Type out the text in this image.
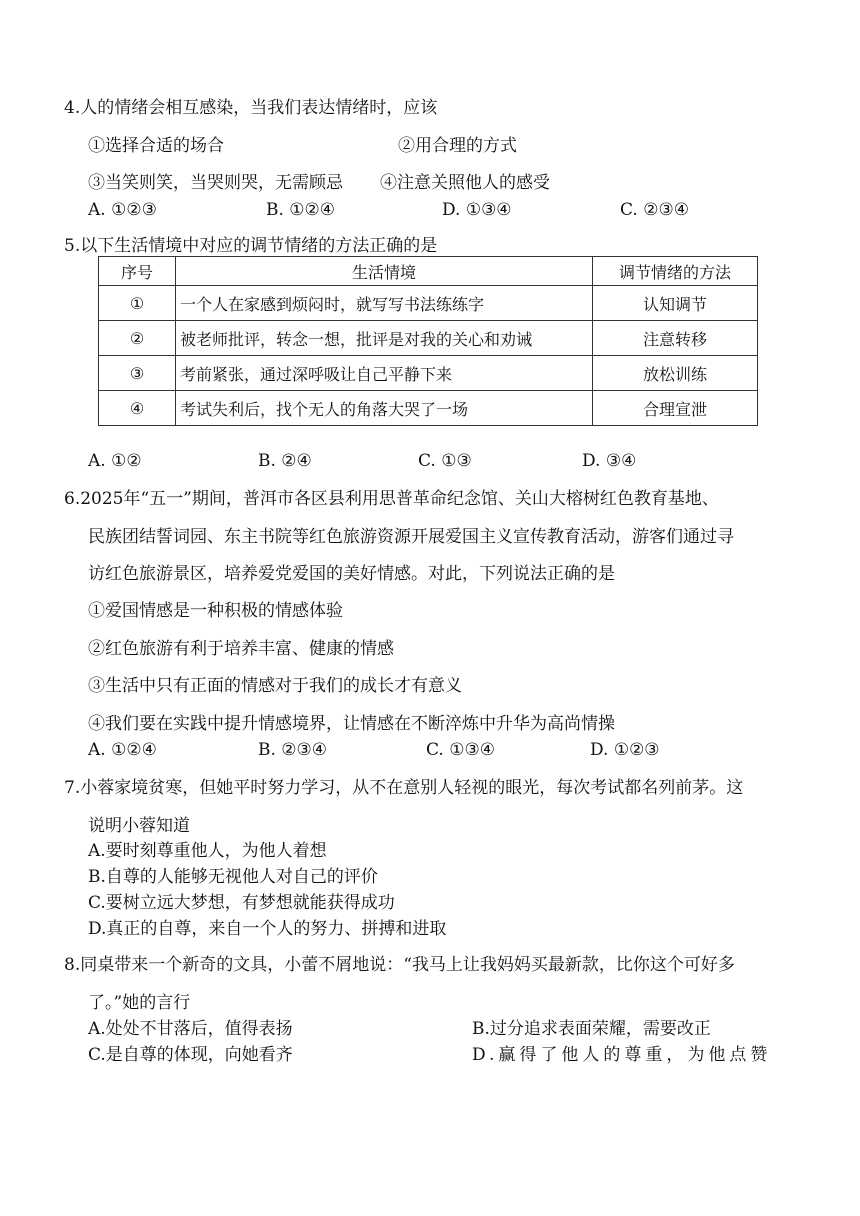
4.人的情绪会相互感染，当我们表达情绪时，应该
①选择合适的场合	②用合理的方式
③当笑则笑，当哭则哭，无需顾忌 ④注意关照他人的感受
A. ①②③	B. ①②④	D. ①③④	C. ②③④
5.以下生活情境中对应的调节情绪的方法正确的是
序号	生活情境	调节情绪的方法
①	一个人在家感到烦闷时，就写写书法练练字	认知调节
②	被老师批评，转念一想，批评是对我的关心和劝诫	注意转移
③	考前紧张，通过深呼吸让自己平静下来	放松训练
④	考试失利后，找个无人的角落大哭了一场	合理宣泄
A. ①②	B. ②④	C. ①③	D. ③④
6.2025年“五一”期间，普洱市各区县利用思普革命纪念馆、关山大榕树红色教育基地、
民族团结誓词园、东主书院等红色旅游资源开展爱国主义宣传教育活动，游客们通过寻
访红色旅游景区，培养爱党爱国的美好情感。对此，下列说法正确的是
①爱国情感是一种积极的情感体验
②红色旅游有利于培养丰富、健康的情感
③生活中只有正面的情感对于我们的成长才有意义
④我们要在实践中提升情感境界，让情感在不断淬炼中升华为高尚情操
A. ①②④	B. ②③④	C. ①③④	D. ①②③
7.小蓉家境贫寒，但她平时努力学习，从不在意别人轻视的眼光，每次考试都名列前茅。这
说明小蓉知道
A.要时刻尊重他人，为他人着想
B.自尊的人能够无视他人对自己的评价
C.要树立远大梦想，有梦想就能获得成功
D.真正的自尊，来自一个人的努力、拼搏和进取
8.同桌带来一个新奇的文具，小蕾不屑地说：“我马上让我妈妈买最新款，比你这个可好多
了。”她的言行
A.处处不甘落后，值得表扬	B.过分追求表面荣耀，需要改正
C.是自尊的体现，向她看齐	D.赢得了他人的尊重，为他点赞
